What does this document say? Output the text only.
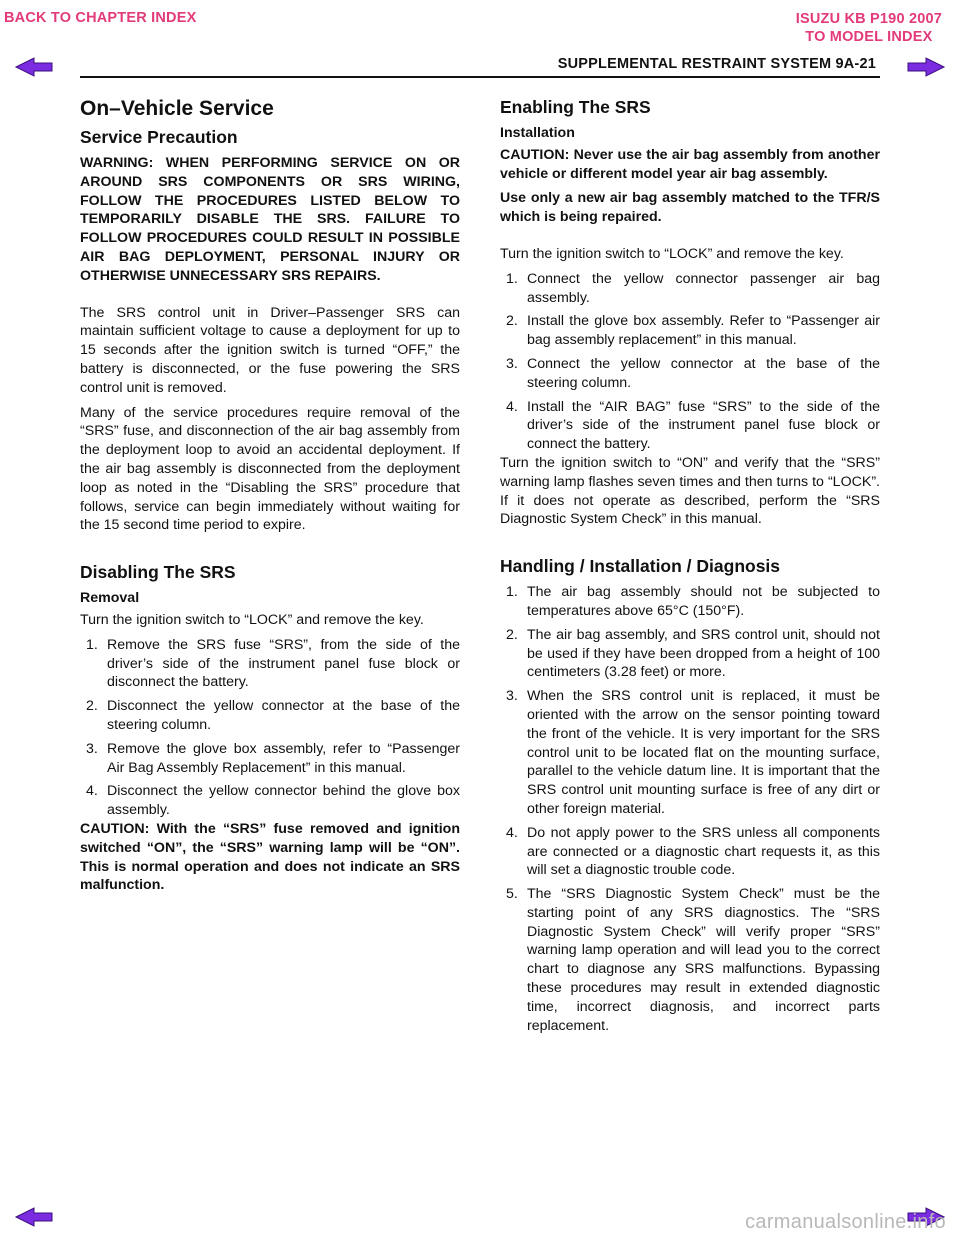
BACK TO CHAPTER INDEX	ISUZU KB P190 2007
TO MODEL INDEX
SUPPLEMENTAL RESTRAINT SYSTEM 9A-21
On–Vehicle Service
Service Precaution

WARNING: WHEN PERFORMING SERVICE ON OR AROUND SRS COMPONENTS OR SRS WIRING, FOLLOW THE PROCEDURES LISTED BELOW TO TEMPORARILY DISABLE THE SRS. FAILURE TO FOLLOW PROCEDURES COULD RESULT IN POSSIBLE AIR BAG DEPLOYMENT, PERSONAL INJURY OR OTHERWISE UNNECESSARY SRS REPAIRS.

The SRS control unit in Driver–Passenger SRS can maintain sufficient voltage to cause a deployment for up to 15 seconds after the ignition switch is turned “OFF,” the battery is disconnected, or the fuse powering the SRS control unit is removed.

Many of the service procedures require removal of the “SRS” fuse, and disconnection of the air bag assembly from the deployment loop to avoid an accidental deployment. If the air bag assembly is disconnected from the deployment loop as noted in the “Disabling the SRS” procedure that follows, service can begin immediately without waiting for the 15 second time period to expire.

Disabling The SRS
Removal

Turn the ignition switch to “LOCK” and remove the key.

1. Remove the SRS fuse “SRS”, from the side of the driver’s side of the instrument panel fuse block or disconnect the battery.
2. Disconnect the yellow connector at the base of the steering column.
3. Remove the glove box assembly, refer to “Passenger Air Bag Assembly Replacement” in this manual.
4. Disconnect the yellow connector behind the glove box assembly.

CAUTION: With the “SRS” fuse removed and ignition switched “ON”, the “SRS” warning lamp will be “ON”. This is normal operation and does not indicate an SRS malfunction.

Enabling The SRS
Installation

CAUTION: Never use the air bag assembly from another vehicle or different model year air bag assembly.

Use only a new air bag assembly matched to the TFR/S which is being repaired.

Turn the ignition switch to “LOCK” and remove the key.

1. Connect the yellow connector passenger air bag assembly.
2. Install the glove box assembly. Refer to “Passenger air bag assembly replacement” in this manual.
3. Connect the yellow connector at the base of the steering column.
4. Install the “AIR BAG” fuse “SRS” to the side of the driver’s side of the instrument panel fuse block or connect the battery.

Turn the ignition switch to “ON” and verify that the “SRS” warning lamp flashes seven times and then turns to “LOCK”. If it does not operate as described, perform the “SRS Diagnostic System Check” in this manual.

Handling / Installation / Diagnosis
1. The air bag assembly should not be subjected to temperatures above 65°C (150°F).
2. The air bag assembly, and SRS control unit, should not be used if they have been dropped from a height of 100 centimeters (3.28 feet) or more.
3. When the SRS control unit is replaced, it must be oriented with the arrow on the sensor pointing toward the front of the vehicle. It is very important for the SRS control unit to be located flat on the mounting surface, parallel to the vehicle datum line. It is important that the SRS control unit mounting surface is free of any dirt or other foreign material.
4. Do not apply power to the SRS unless all components are connected or a diagnostic chart requests it, as this will set a diagnostic trouble code.
5. The “SRS Diagnostic System Check” must be the starting point of any SRS diagnostics. The “SRS Diagnostic System Check” will verify proper “SRS” warning lamp operation and will lead you to the correct chart to diagnose any SRS malfunctions. Bypassing these procedures may result in extended diagnostic time, incorrect diagnosis, and incorrect parts replacement.
carmanualsonline.info
